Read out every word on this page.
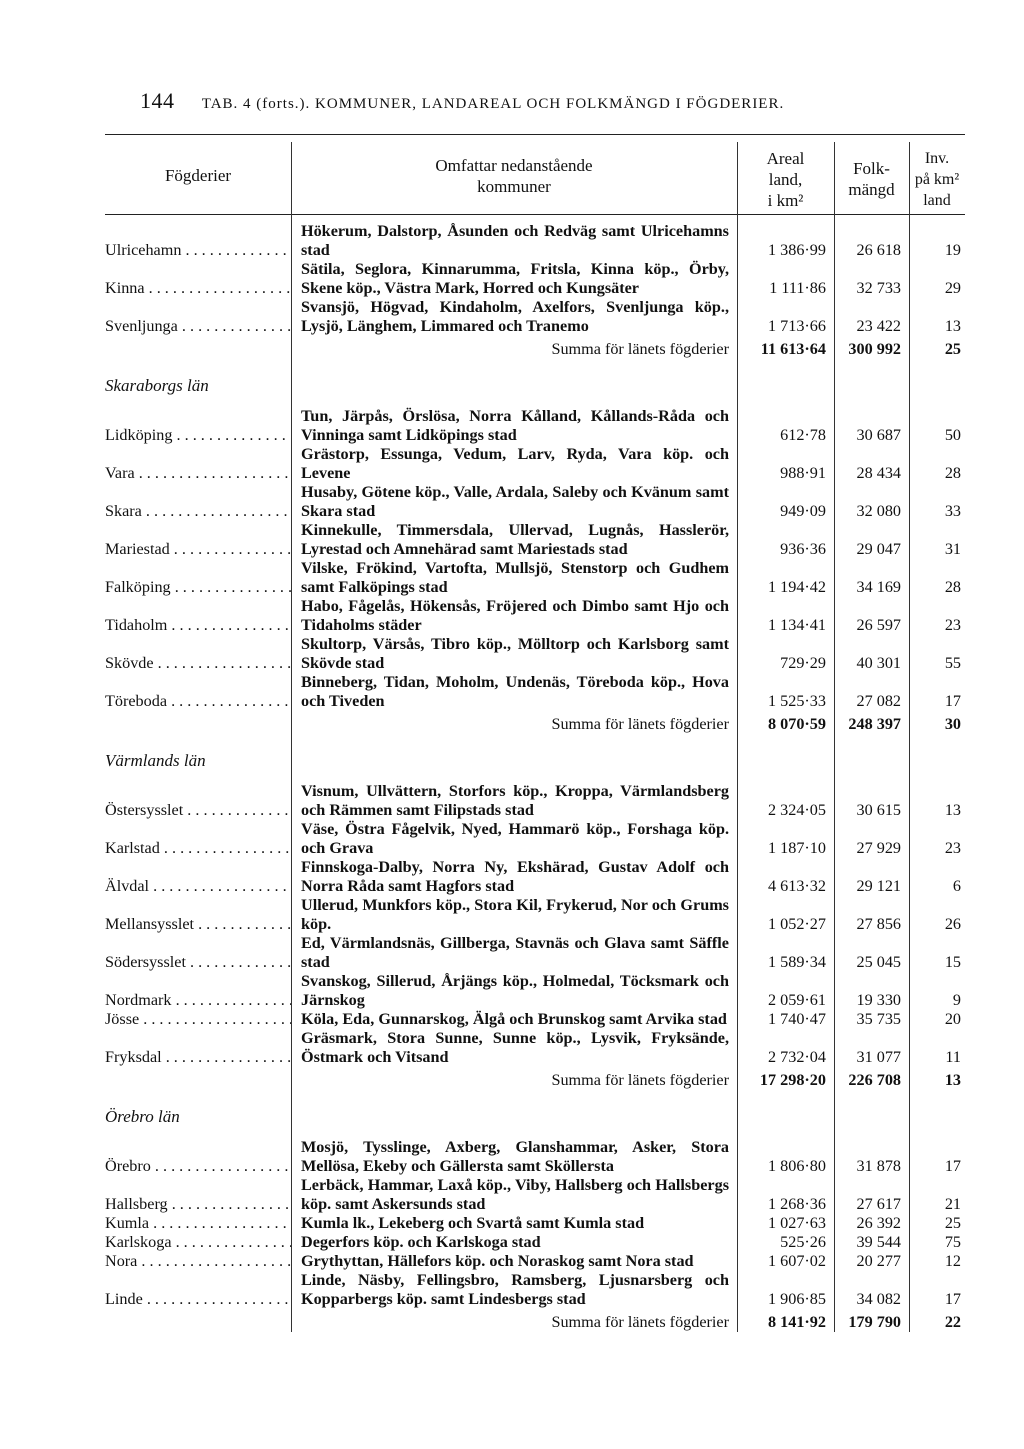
144 TAB. 4 (forts.). KOMMUNER, LANDAREAL OCH FOLKMÄNGD I FÖGDERIER.
Fögderier
Omfattar nedanstående
kommuner
Areal
land,
i km²
Folk-
mängd
Inv.
på km²
land
Ulricehamn . . .	Hökerum, Dalstorp, Åsunden och Redväg samt Ulricehamns stad	1 386·99	26 618	19
Kinna . . .	Sätila, Seglora, Kinnarumma, Fritsla, Kinna köp., Örby, Skene köp., Västra Mark, Horred och Kungsäter	1 111·86	32 733	29
Svenljunga . . .	Svansjö, Högvad, Kindaholm, Axelfors, Svenljunga köp., Lysjö, Länghem, Limmared och Tranemo	1 713·66	23 422	13
	Summa för länets fögderier	11 613·64	300 992	25
Skaraborgs län				
Lidköping . . .	Tun, Järpås, Örslösa, Norra Kålland, Kållands-Råda och Vinninga samt Lidköpings stad	612·78	30 687	50
Vara . . .	Grästorp, Essunga, Vedum, Larv, Ryda, Vara köp. och Levene	988·91	28 434	28
Skara . . .	Husaby, Götene köp., Valle, Ardala, Saleby och Kvänum samt Skara stad	949·09	32 080	33
Mariestad . . .	Kinnekulle, Timmersdala, Ullervad, Lugnås, Hasslerör, Lyrestad och Amnehärad samt Mariestads stad	936·36	29 047	31
Falköping . . .	Vilske, Frökind, Vartofta, Mullsjö, Stenstorp och Gudhem samt Falköpings stad	1 194·42	34 169	28
Tidaholm . . .	Habo, Fågelås, Hökensås, Fröjered och Dimbo samt Hjo och Tidaholms städer	1 134·41	26 597	23
Skövde . . .	Skultorp, Värsås, Tibro köp., Mölltorp och Karlsborg samt Skövde stad	729·29	40 301	55
Töreboda . . .	Binneberg, Tidan, Moholm, Undenäs, Töreboda köp., Hova och Tiveden	1 525·33	27 082	17
	Summa för länets fögderier	8 070·59	248 397	30
Värmlands län				
Östersysslet . . .	Visnum, Ullvättern, Storfors köp., Kroppa, Värmlandsberg och Rämmen samt Filipstads stad	2 324·05	30 615	13
Karlstad . . .	Väse, Östra Fågelvik, Nyed, Hammarö köp., Forshaga köp. och Grava	1 187·10	27 929	23
Älvdal . . .	Finnskoga-Dalby, Norra Ny, Ekshärad, Gustav Adolf och Norra Råda samt Hagfors stad	4 613·32	29 121	6
Mellansysslet . . .	Ullerud, Munkfors köp., Stora Kil, Frykerud, Nor och Grums köp.	1 052·27	27 856	26
Södersysslet . . .	Ed, Värmlandsnäs, Gillberga, Stavnäs och Glava samt Säffle stad	1 589·34	25 045	15
Nordmark . . .	Svanskog, Sillerud, Årjängs köp., Holmedal, Töcksmark och Järnskog	2 059·61	19 330	9
Jösse . . .	Köla, Eda, Gunnarskog, Älgå och Brunskog samt Arvika stad	1 740·47	35 735	20
Fryksdal . . .	Gräsmark, Stora Sunne, Sunne köp., Lysvik, Fryksände, Östmark och Vitsand	2 732·04	31 077	11
	Summa för länets fögderier	17 298·20	226 708	13
Örebro län				
Örebro . . .	Mosjö, Tysslinge, Axberg, Glanshammar, Asker, Stora Mellösa, Ekeby och Gällersta samt Sköllersta	1 806·80	31 878	17
Hallsberg . . .	Lerbäck, Hammar, Laxå köp., Viby, Hallsberg och Hallsbergs köp. samt Askersunds stad	1 268·36	27 617	21
Kumla . . .	Kumla lk., Lekeberg och Svartå samt Kumla stad	1 027·63	26 392	25
Karlskoga . . .	Degerfors köp. och Karlskoga stad	525·26	39 544	75
Nora . . .	Grythyttan, Hällefors köp. och Noraskog samt Nora stad	1 607·02	20 277	12
Linde . . .	Linde, Näsby, Fellingsbro, Ramsberg, Ljusnarsberg och Kopparbergs köp. samt Lindesbergs stad	1 906·85	34 082	17
	Summa för länets fögderier	8 141·92	179 790	22
